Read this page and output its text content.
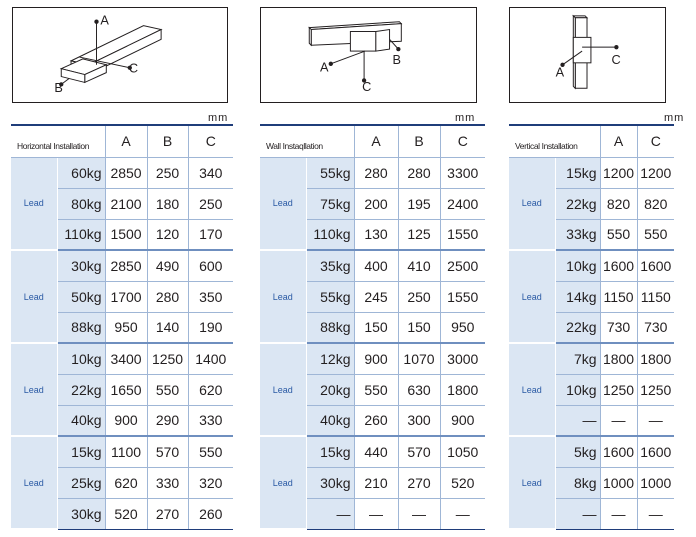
A
C
B
A
B
C
A
C
mm	mm	mm
Horizontal Installation		A	B	C
Lead	60kg	2850	250	340
	80kg	2100	180	250
	110kg	1500	120	170
Lead	30kg	2850	490	600
	50kg	1700	280	350
	88kg	950	140	190
Lead	10kg	3400	1250	1400
	22kg	1650	550	620
	40kg	900	290	330
Lead	15kg	1100	570	550
	25kg	620	330	320
	30kg	520	270	260
Wall Instaqllation		A	B	C
Lead	55kg	280	280	3300
	75kg	200	195	2400
	110kg	130	125	1550
Lead	35kg	400	410	2500
	55kg	245	250	1550
	88kg	150	150	950
Lead	12kg	900	1070	3000
	20kg	550	630	1800
	40kg	260	300	900
Lead	15kg	440	570	1050
	30kg	210	270	520
	—	—	—	—
Vertical Installation		A	C
Lead	15kg	1200	1200
	22kg	820	820
	33kg	550	550
Lead	10kg	1600	1600
	14kg	1150	1150
	22kg	730	730
Lead	7kg	1800	1800
	10kg	1250	1250
	—	—	—
Lead	5kg	1600	1600
	8kg	1000	1000
	—	—	—
